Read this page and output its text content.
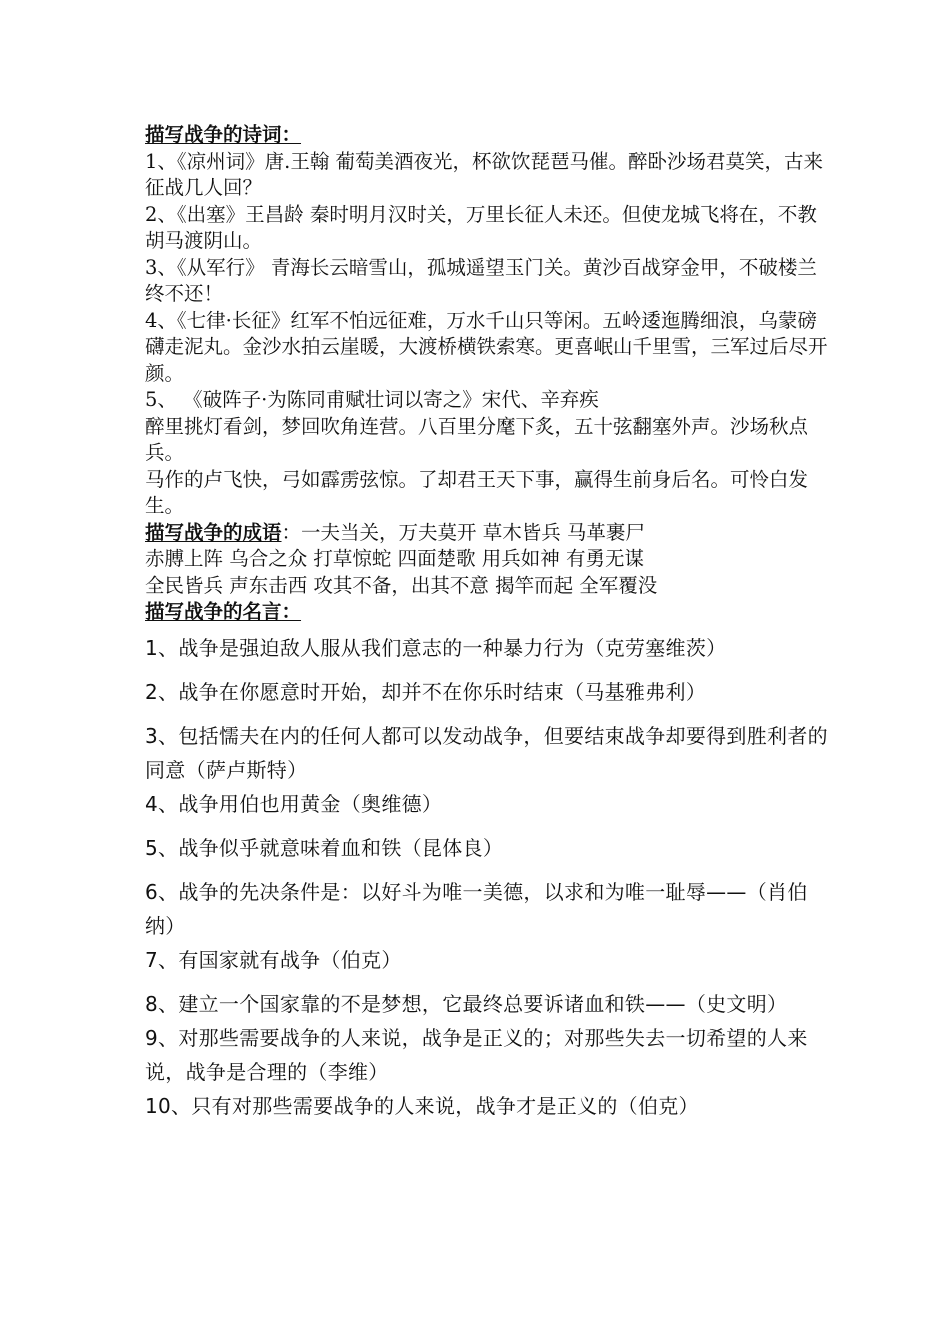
描写战争的诗词：

1、《凉州词》唐.王翰 葡萄美酒夜光，杯欲饮琵琶马催。醉卧沙场君莫笑，古来征战几人回？

2、《出塞》王昌龄 秦时明月汉时关，万里长征人未还。但使龙城飞将在，不教胡马渡阴山。

3、《从军行》 青海长云暗雪山，孤城遥望玉门关。黄沙百战穿金甲，不破楼兰终不还！

4、《七律·长征》红军不怕远征难，万水千山只等闲。五岭逶迤腾细浪，乌蒙磅礴走泥丸。金沙水拍云崖暖，大渡桥横铁索寒。更喜岷山千里雪，三军过后尽开颜。

5、 《破阵子·为陈同甫赋壮词以寄之》宋代、辛弃疾

醉里挑灯看剑，梦回吹角连营。八百里分麾下炙，五十弦翻塞外声。沙场秋点兵。

马作的卢飞快，弓如霹雳弦惊。了却君王天下事，赢得生前身后名。可怜白发生。

描写战争的成语：一夫当关，万夫莫开 草木皆兵 马革裹尸

赤膊上阵 乌合之众 打草惊蛇 四面楚歌 用兵如神 有勇无谋

全民皆兵 声东击西 攻其不备，出其不意 揭竿而起 全军覆没

描写战争的名言：

1、战争是强迫敌人服从我们意志的一种暴力行为（克劳塞维茨）

2、战争在你愿意时开始，却并不在你乐时结束（马基雅弗利）

3、包括懦夫在内的任何人都可以发动战争，但要结束战争却要得到胜利者的同意（萨卢斯特）

4、战争用伯也用黄金（奥维德）

5、战争似乎就意味着血和铁（昆体良）

6、战争的先决条件是：以好斗为唯一美德，以求和为唯一耻辱——（肖伯纳）

7、有国家就有战争（伯克）

8、建立一个国家靠的不是梦想，它最终总要诉诸血和铁——（史文明）

9、对那些需要战争的人来说，战争是正义的；对那些失去一切希望的人来说，战争是合理的（李维）

10、只有对那些需要战争的人来说，战争才是正义的（伯克）
